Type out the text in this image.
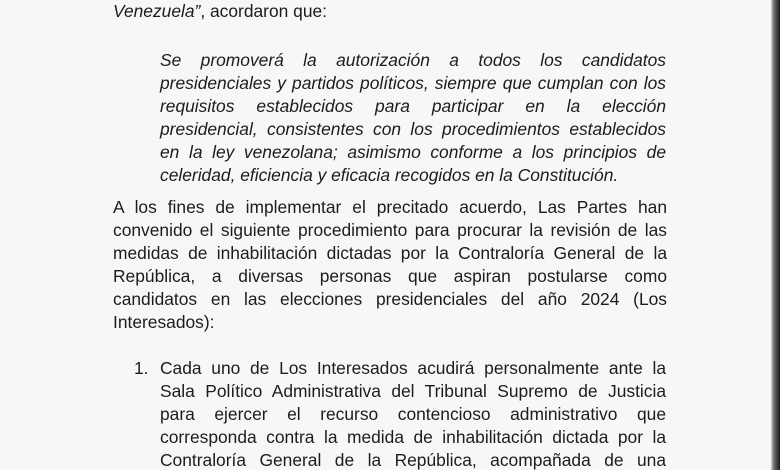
Venezuela”, acordaron que:
Se promoverá la autorización a todos los candidatos
presidenciales y partidos políticos, siempre que cumplan con los
requisitos establecidos para participar en la elección
presidencial, consistentes con los procedimientos establecidos
en la ley venezolana; asimismo conforme a los principios de
celeridad, eficiencia y eficacia recogidos en la Constitución.
A los fines de implementar el precitado acuerdo, Las Partes han
convenido el siguiente procedimiento para procurar la revisión de las
medidas de inhabilitación dictadas por la Contraloría General de la
República, a diversas personas que aspiran postularse como
candidatos en las elecciones presidenciales del año 2024 (Los
Interesados):
1. Cada uno de Los Interesados acudirá personalmente ante la
Sala Político Administrativa del Tribunal Supremo de Justicia
para ejercer el recurso contencioso administrativo que
corresponda contra la medida de inhabilitación dictada por la
Contraloría General de la República, acompañada de una
